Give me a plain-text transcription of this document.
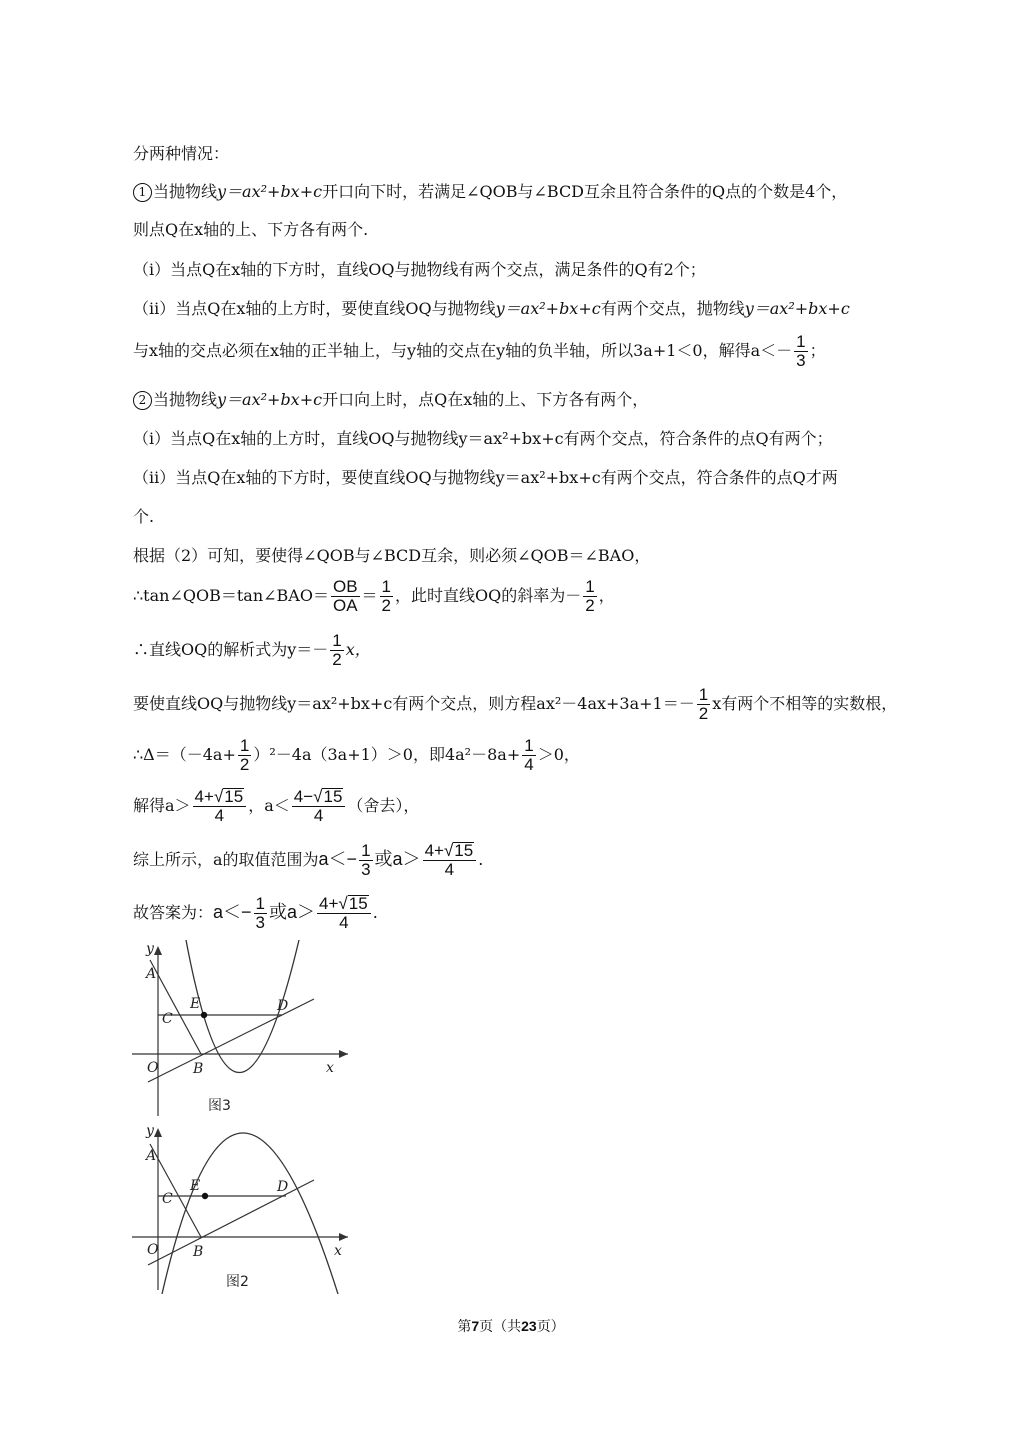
分两种情况：
1 当抛物线y＝ax²+bx+c开口向下时，若满足∠QOB与∠BCD互余且符合条件的Q点的个数是4个，
则点Q在x轴的上、下方各有两个.
（i）当点Q在x轴的下方时，直线OQ与抛物线有两个交点，满足条件的Q有2个；
（ii）当点Q在x轴的上方时，要使直线OQ与抛物线y＝ax²+bx+c有两个交点，抛物线y＝ax²+bx+c
与x轴的交点必须在x轴的正半轴上，与y轴的交点在y轴的负半轴，所以3a+1＜0，解得$a<- \frac{1}{3}$ ；
2 当抛物线y＝ax²+bx+c开口向上时，点Q在x轴的上、下方各有两个，
（i）当点Q在x轴的上方时，直线OQ与抛物线y＝ax²+bx+c有两个交点，符合条件的点Q有两个；
（ii）当点Q在x轴的下方时，要使直线OQ与抛物线y＝ax²+bx+c有两个交点，符合条件的点Q才两
个.
根据（2）可知，要使得∠QOB与∠BCD互余，则必须∠QOB＝∠BAO，
∴tan∠QOB＝tan∠BAO＝ $\frac{OB}{OA} = \frac{1}{2}$ ，此时直线OQ的斜率为－ $\frac{1}{2}$ ，
∴直线OQ的解析式为$y=- \frac{1}{2}$ x，
要使直线OQ与抛物线y＝ax²+bx+c有两个交点，则方程$ax^2-4ax+3a+1=- \frac{1}{2}$ x有两个不相等的实数根，
∴Δ＝（－4a+ $\frac{1}{2} )^2-4a(3a+1)>0$，即$4a^2-8a+ \frac{1}{4} >0$，
解得$a> \frac{4+√15}{4}$ ，$a< \frac{4-√15}{4}$ （舍去），
综上所示，a的取值范围为$a<- \frac{1}{3}$ 或$a> \frac{4+√15}{4}$ .
故答案为：$a<- \frac{1}{3}$ 或$a> \frac{4+√15}{4}$ .
y
x
A
C
E	D
O B
图3
y
x
A
C
E	D
O B
图2
第7页（共23页）
